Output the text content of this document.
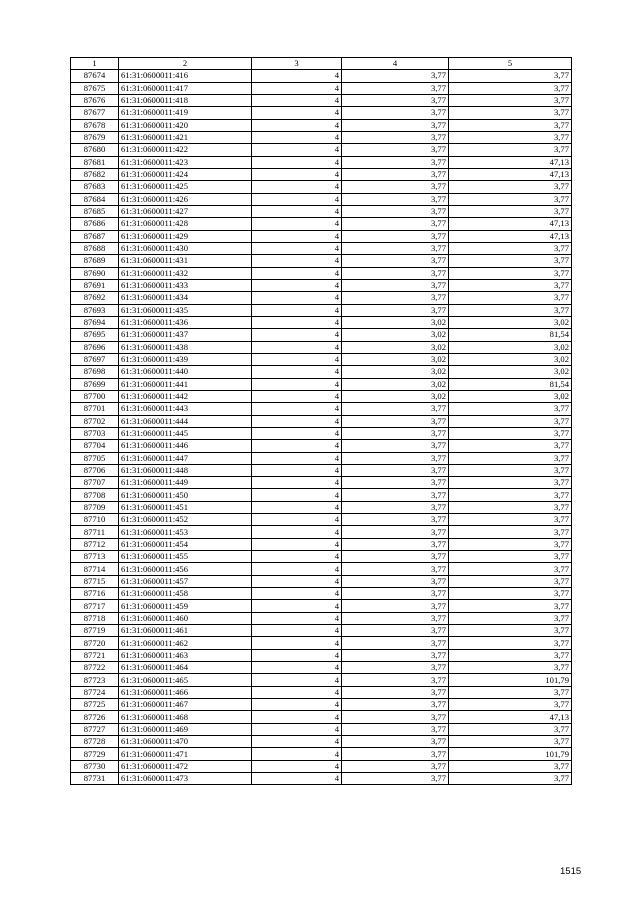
1	2	3	4	5
87674	61:31:0600011:416	4	3,77	3,77
87675	61:31:0600011:417	4	3,77	3,77
87676	61:31:0600011:418	4	3,77	3,77
87677	61:31:0600011:419	4	3,77	3,77
87678	61:31:0600011:420	4	3,77	3,77
87679	61:31:0600011:421	4	3,77	3,77
87680	61:31:0600011:422	4	3,77	3,77
87681	61:31:0600011:423	4	3,77	47,13
87682	61:31:0600011:424	4	3,77	47,13
87683	61:31:0600011:425	4	3,77	3,77
87684	61:31:0600011:426	4	3,77	3,77
87685	61:31:0600011:427	4	3,77	3,77
87686	61:31:0600011:428	4	3,77	47,13
87687	61:31:0600011:429	4	3,77	47,13
87688	61:31:0600011:430	4	3,77	3,77
87689	61:31:0600011:431	4	3,77	3,77
87690	61:31:0600011:432	4	3,77	3,77
87691	61:31:0600011:433	4	3,77	3,77
87692	61:31:0600011:434	4	3,77	3,77
87693	61:31:0600011:435	4	3,77	3,77
87694	61:31:0600011:436	4	3,02	3,02
87695	61:31:0600011:437	4	3,02	81,54
87696	61:31:0600011:438	4	3,02	3,02
87697	61:31:0600011:439	4	3,02	3,02
87698	61:31:0600011:440	4	3,02	3,02
87699	61:31:0600011:441	4	3,02	81,54
87700	61:31:0600011:442	4	3,02	3,02
87701	61:31:0600011:443	4	3,77	3,77
87702	61:31:0600011:444	4	3,77	3,77
87703	61:31:0600011:445	4	3,77	3,77
87704	61:31:0600011:446	4	3,77	3,77
87705	61:31:0600011:447	4	3,77	3,77
87706	61:31:0600011:448	4	3,77	3,77
87707	61:31:0600011:449	4	3,77	3,77
87708	61:31:0600011:450	4	3,77	3,77
87709	61:31:0600011:451	4	3,77	3,77
87710	61:31:0600011:452	4	3,77	3,77
87711	61:31:0600011:453	4	3,77	3,77
87712	61:31:0600011:454	4	3,77	3,77
87713	61:31:0600011:455	4	3,77	3,77
87714	61:31:0600011:456	4	3,77	3,77
87715	61:31:0600011:457	4	3,77	3,77
87716	61:31:0600011:458	4	3,77	3,77
87717	61:31:0600011:459	4	3,77	3,77
87718	61:31:0600011:460	4	3,77	3,77
87719	61:31:0600011:461	4	3,77	3,77
87720	61:31:0600011:462	4	3,77	3,77
87721	61:31:0600011:463	4	3,77	3,77
87722	61:31:0600011:464	4	3,77	3,77
87723	61:31:0600011:465	4	3,77	101,79
87724	61:31:0600011:466	4	3,77	3,77
87725	61:31:0600011:467	4	3,77	3,77
87726	61:31:0600011:468	4	3,77	47,13
87727	61:31:0600011:469	4	3,77	3,77
87728	61:31:0600011:470	4	3,77	3,77
87729	61:31:0600011:471	4	3,77	101,79
87730	61:31:0600011:472	4	3,77	3,77
87731	61:31:0600011:473	4	3,77	3,77
1515
